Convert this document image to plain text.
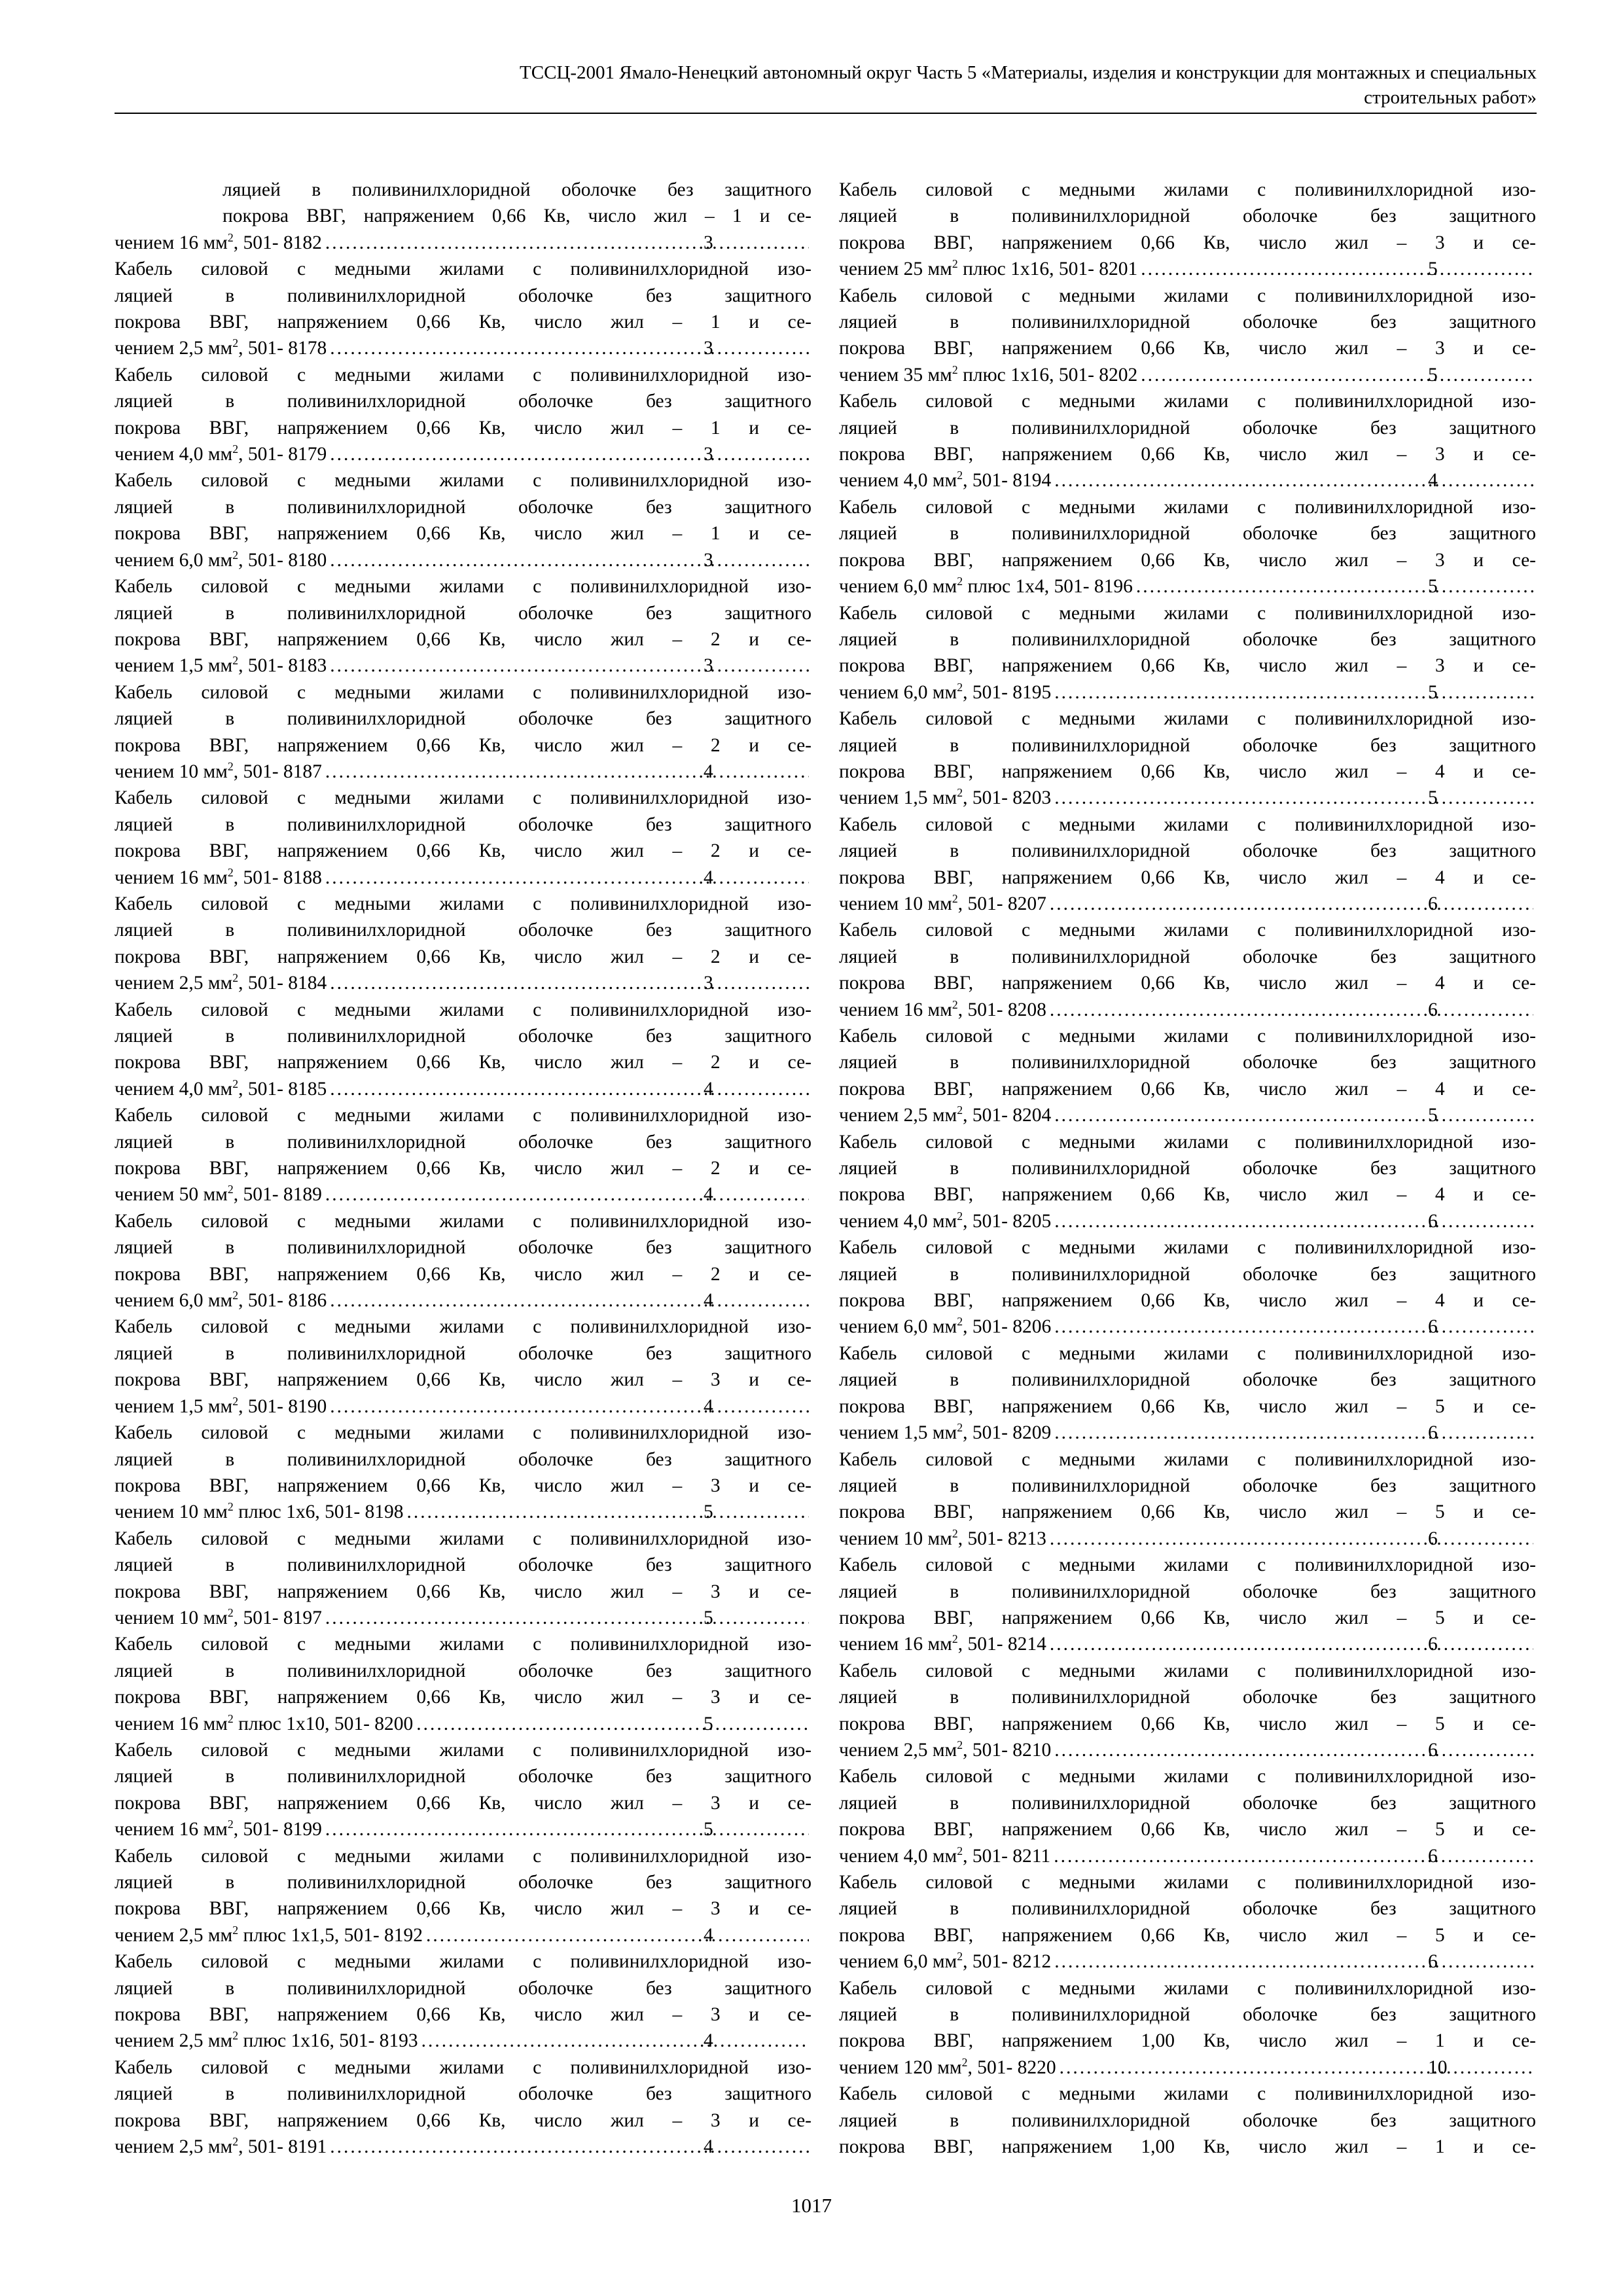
ТССЦ-2001 Ямало-Ненецкий автономный округ Часть 5 «Материалы, изделия и конструкции для монтажных и специальных
строительных работ»
ляцией в поливинилхлоридной оболочке без защитного
покрова ВВГ, напряжением 0,66 Кв, число жил – 1 и се-
чением 16 $мм^2$, 501- 8182 .....	3
Кабель силовой с медными жилами с поливинилхлоридной изо-
ляцией в поливинилхлоридной оболочке без защитного
покрова ВВГ, напряжением 0,66 Кв, число жил – 1 и се-
чением 2,5 $мм^2$, 501- 8178 .....	3
Кабель силовой с медными жилами с поливинилхлоридной изо-
ляцией в поливинилхлоридной оболочке без защитного
покрова ВВГ, напряжением 0,66 Кв, число жил – 1 и се-
чением 4,0 $мм^2$, 501- 8179 .....	3
Кабель силовой с медными жилами с поливинилхлоридной изо-
ляцией в поливинилхлоридной оболочке без защитного
покрова ВВГ, напряжением 0,66 Кв, число жил – 1 и се-
чением 6,0 $мм^2$, 501- 8180 .....	3
Кабель силовой с медными жилами с поливинилхлоридной изо-
ляцией в поливинилхлоридной оболочке без защитного
покрова ВВГ, напряжением 0,66 Кв, число жил – 2 и се-
чением 1,5 $мм^2$, 501- 8183 .....	3
Кабель силовой с медными жилами с поливинилхлоридной изо-
ляцией в поливинилхлоридной оболочке без защитного
покрова ВВГ, напряжением 0,66 Кв, число жил – 2 и се-
чением 10 $мм^2$, 501- 8187 .....	4
Кабель силовой с медными жилами с поливинилхлоридной изо-
ляцией в поливинилхлоридной оболочке без защитного
покрова ВВГ, напряжением 0,66 Кв, число жил – 2 и се-
чением 16 $мм^2$, 501- 8188 .....	4
Кабель силовой с медными жилами с поливинилхлоридной изо-
ляцией в поливинилхлоридной оболочке без защитного
покрова ВВГ, напряжением 0,66 Кв, число жил – 2 и се-
чением 2,5 $мм^2$, 501- 8184 .....	3
Кабель силовой с медными жилами с поливинилхлоридной изо-
ляцией в поливинилхлоридной оболочке без защитного
покрова ВВГ, напряжением 0,66 Кв, число жил – 2 и се-
чением 4,0 $мм^2$, 501- 8185 .....	4
Кабель силовой с медными жилами с поливинилхлоридной изо-
ляцией в поливинилхлоридной оболочке без защитного
покрова ВВГ, напряжением 0,66 Кв, число жил – 2 и се-
чением 50 $мм^2$, 501- 8189 .....	4
Кабель силовой с медными жилами с поливинилхлоридной изо-
ляцией в поливинилхлоридной оболочке без защитного
покрова ВВГ, напряжением 0,66 Кв, число жил – 2 и се-
чением 6,0 $мм^2$, 501- 8186 .....	4
Кабель силовой с медными жилами с поливинилхлоридной изо-
ляцией в поливинилхлоридной оболочке без защитного
покрова ВВГ, напряжением 0,66 Кв, число жил – 3 и се-
чением 1,5 $мм^2$, 501- 8190 .....	4
Кабель силовой с медными жилами с поливинилхлоридной изо-
ляцией в поливинилхлоридной оболочке без защитного
покрова ВВГ, напряжением 0,66 Кв, число жил – 3 и се-
чением 10 $мм^2$ плюс 1х6, 501- 8198 .....	5
Кабель силовой с медными жилами с поливинилхлоридной изо-
ляцией в поливинилхлоридной оболочке без защитного
покрова ВВГ, напряжением 0,66 Кв, число жил – 3 и се-
чением 10 $мм^2$, 501- 8197 .....	5
Кабель силовой с медными жилами с поливинилхлоридной изо-
ляцией в поливинилхлоридной оболочке без защитного
покрова ВВГ, напряжением 0,66 Кв, число жил – 3 и се-
чением 16 $мм^2$ плюс 1х10, 501- 8200 .....	5
Кабель силовой с медными жилами с поливинилхлоридной изо-
ляцией в поливинилхлоридной оболочке без защитного
покрова ВВГ, напряжением 0,66 Кв, число жил – 3 и се-
чением 16 $мм^2$, 501- 8199 .....	5
Кабель силовой с медными жилами с поливинилхлоридной изо-
ляцией в поливинилхлоридной оболочке без защитного
покрова ВВГ, напряжением 0,66 Кв, число жил – 3 и се-
чением 2,5 $мм^2$ плюс 1х1,5, 501- 8192 .....	4
Кабель силовой с медными жилами с поливинилхлоридной изо-
ляцией в поливинилхлоридной оболочке без защитного
покрова ВВГ, напряжением 0,66 Кв, число жил – 3 и се-
чением 2,5 $мм^2$ плюс 1х16, 501- 8193 .....	4
Кабель силовой с медными жилами с поливинилхлоридной изо-
ляцией в поливинилхлоридной оболочке без защитного
покрова ВВГ, напряжением 0,66 Кв, число жил – 3 и се-
чением 2,5 $мм^2$, 501- 8191 .....	4
Кабель силовой с медными жилами с поливинилхлоридной изо-
ляцией в поливинилхлоридной оболочке без защитного
покрова ВВГ, напряжением 0,66 Кв, число жил – 3 и се-
чением 25 $мм^2$ плюс 1х16, 501- 8201 .....	5
Кабель силовой с медными жилами с поливинилхлоридной изо-
ляцией в поливинилхлоридной оболочке без защитного
покрова ВВГ, напряжением 0,66 Кв, число жил – 3 и се-
чением 35 $мм^2$ плюс 1х16, 501- 8202 .....	5
Кабель силовой с медными жилами с поливинилхлоридной изо-
ляцией в поливинилхлоридной оболочке без защитного
покрова ВВГ, напряжением 0,66 Кв, число жил – 3 и се-
чением 4,0 $мм^2$, 501- 8194 .....	4
Кабель силовой с медными жилами с поливинилхлоридной изо-
ляцией в поливинилхлоридной оболочке без защитного
покрова ВВГ, напряжением 0,66 Кв, число жил – 3 и се-
чением 6,0 $мм^2$ плюс 1х4, 501- 8196 .....	5
Кабель силовой с медными жилами с поливинилхлоридной изо-
ляцией в поливинилхлоридной оболочке без защитного
покрова ВВГ, напряжением 0,66 Кв, число жил – 3 и се-
чением 6,0 $мм^2$, 501- 8195 .....	5
Кабель силовой с медными жилами с поливинилхлоридной изо-
ляцией в поливинилхлоридной оболочке без защитного
покрова ВВГ, напряжением 0,66 Кв, число жил – 4 и се-
чением 1,5 $мм^2$, 501- 8203 .....	5
Кабель силовой с медными жилами с поливинилхлоридной изо-
ляцией в поливинилхлоридной оболочке без защитного
покрова ВВГ, напряжением 0,66 Кв, число жил – 4 и се-
чением 10 $мм^2$, 501- 8207 .....	6
Кабель силовой с медными жилами с поливинилхлоридной изо-
ляцией в поливинилхлоридной оболочке без защитного
покрова ВВГ, напряжением 0,66 Кв, число жил – 4 и се-
чением 16 $мм^2$, 501- 8208 .....	6
Кабель силовой с медными жилами с поливинилхлоридной изо-
ляцией в поливинилхлоридной оболочке без защитного
покрова ВВГ, напряжением 0,66 Кв, число жил – 4 и се-
чением 2,5 $мм^2$, 501- 8204 .....	5
Кабель силовой с медными жилами с поливинилхлоридной изо-
ляцией в поливинилхлоридной оболочке без защитного
покрова ВВГ, напряжением 0,66 Кв, число жил – 4 и се-
чением 4,0 $мм^2$, 501- 8205 .....	6
Кабель силовой с медными жилами с поливинилхлоридной изо-
ляцией в поливинилхлоридной оболочке без защитного
покрова ВВГ, напряжением 0,66 Кв, число жил – 4 и се-
чением 6,0 $мм^2$, 501- 8206 .....	6
Кабель силовой с медными жилами с поливинилхлоридной изо-
ляцией в поливинилхлоридной оболочке без защитного
покрова ВВГ, напряжением 0,66 Кв, число жил – 5 и се-
чением 1,5 $мм^2$, 501- 8209 .....	6
Кабель силовой с медными жилами с поливинилхлоридной изо-
ляцией в поливинилхлоридной оболочке без защитного
покрова ВВГ, напряжением 0,66 Кв, число жил – 5 и се-
чением 10 $мм^2$, 501- 8213 .....	6
Кабель силовой с медными жилами с поливинилхлоридной изо-
ляцией в поливинилхлоридной оболочке без защитного
покрова ВВГ, напряжением 0,66 Кв, число жил – 5 и се-
чением 16 $мм^2$, 501- 8214 .....	6
Кабель силовой с медными жилами с поливинилхлоридной изо-
ляцией в поливинилхлоридной оболочке без защитного
покрова ВВГ, напряжением 0,66 Кв, число жил – 5 и се-
чением 2,5 $мм^2$, 501- 8210 .....	6
Кабель силовой с медными жилами с поливинилхлоридной изо-
ляцией в поливинилхлоридной оболочке без защитного
покрова ВВГ, напряжением 0,66 Кв, число жил – 5 и се-
чением 4,0 $мм^2$, 501- 8211 .....	6
Кабель силовой с медными жилами с поливинилхлоридной изо-
ляцией в поливинилхлоридной оболочке без защитного
покрова ВВГ, напряжением 0,66 Кв, число жил – 5 и се-
чением 6,0 $мм^2$, 501- 8212 .....	6
Кабель силовой с медными жилами с поливинилхлоридной изо-
ляцией в поливинилхлоридной оболочке без защитного
покрова ВВГ, напряжением 1,00 Кв, число жил – 1 и се-
чением 120 $мм^2$, 501- 8220 .....	10
Кабель силовой с медными жилами с поливинилхлоридной изо-
ляцией в поливинилхлоридной оболочке без защитного
покрова ВВГ, напряжением 1,00 Кв, число жил – 1 и се-
1017
